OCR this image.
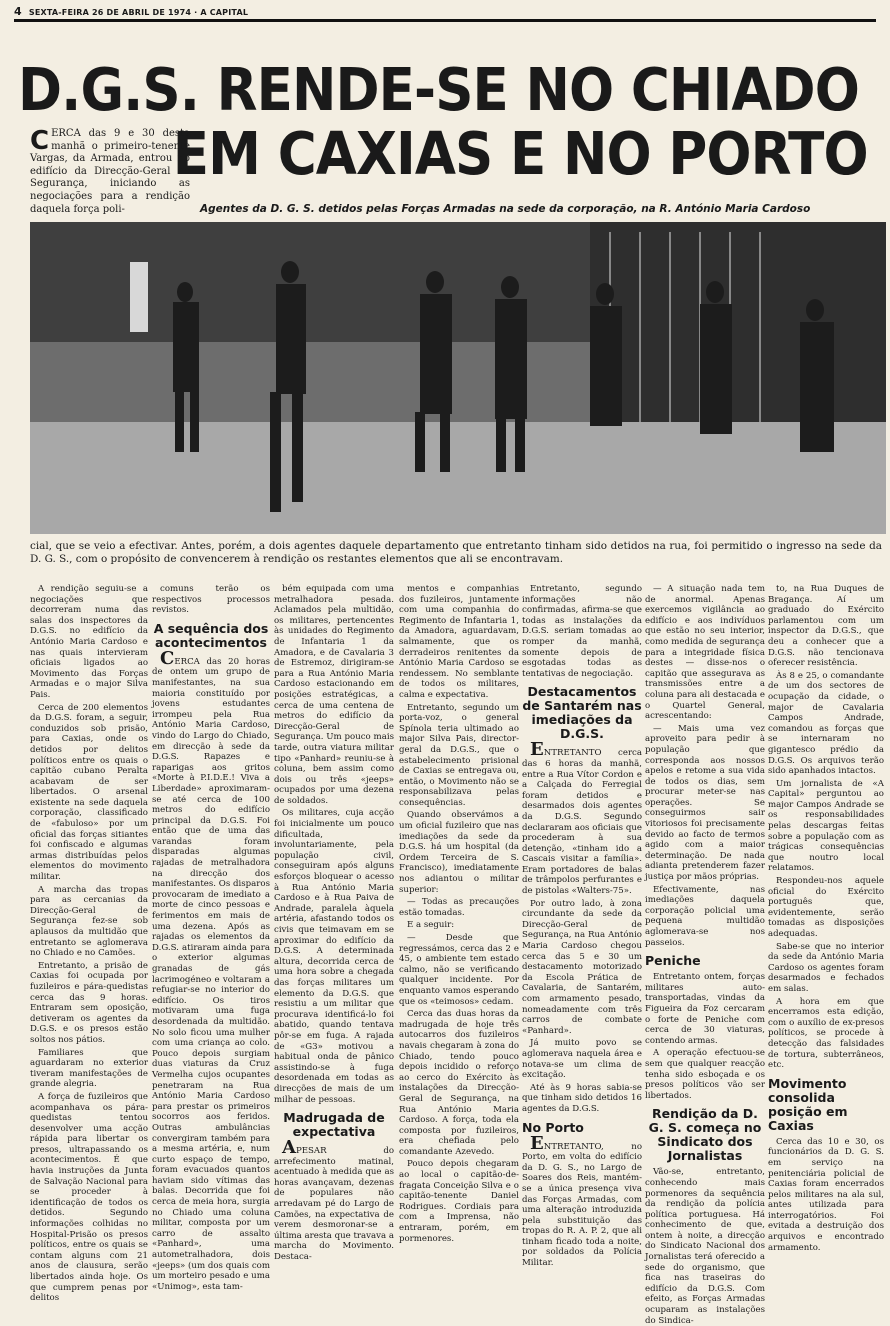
4 SEXTA-FEIRA 26 DE ABRIL DE 1974 · A CAPITAL
D.G.S. RENDE-SE NO CHIADO
EM CAXIAS E NO PORTO

CERCA das 9 e 30 desta manhã o primeiro-tenente Vargas, da Armada, entrou no edifício da Direcção-Geral de Segurança, iniciando as negociações para a rendição daquela força poli-	Agentes da D. G. S. detidos pelas Forças Armadas na sede da corporação, na R. António Maria Cardoso

cial, que se veio a efectivar. Antes, porém, a dois agentes daquele departamento que entretanto tinham sido detidos na rua, foi permitido o ingresso na sede da D. G. S., com o propósito de convencerem à rendição os restantes elementos que ali se encontravam.

A rendição seguiu-se a negociações que decorreram numa das salas dos inspectores da D.G.S. no edifício da António Maria Cardoso e nas quais intervieram oficiais ligados ao Movimento das Forças Armadas e o major Silva Pais.

Cerca de 200 elementos da D.G.S. foram, a seguir, conduzidos sob prisão, para Caxias, onde os detidos por delitos políticos entre os quais o capitão cubano Peralta acabavam de ser libertados. O arsenal existente na sede daquela corporação, classificado de «fabuloso» por um oficial das forças sitiantes foi confiscado e algumas armas distribuídas pelos elementos do movimento militar.

A marcha das tropas para as cercanias da Direcção-Geral de Segurança fez-se sob aplausos da multidão que entretanto se aglomerava no Chiado e no Camões.

Entretanto, a prisão de Caxias foi ocupada por fuzileiros e pára-quedistas cerca das 9 horas. Entraram sem oposição, detiveram os agentes da D.G.S. e os presos estão soltos nos pátios.

Familiares que aguardaram no exterior tiveram manifestações de grande alegria.

A força de fuzileiros que acompanhava os pára-quedistas tentou desenvolver uma acção rápida para libertar os presos, ultrapassando os acontecimentos. É que havia instruções da Junta de Salvação Nacional para se proceder à identificação de todos os detidos. Segundo informações colhidas no Hospital-Prisão os presos políticos, entre os quais se contam alguns com 21 anos de clausura, serão libertados ainda hoje. Os que cumprem penas por delitos

comuns terão os respectivos processos revistos.

A sequência dos acontecimentos

CERCA das 20 horas de ontem um grupo de manifestantes, na sua maioria constituído por jovens estudantes irrompeu pela Rua António Maria Cardoso, vindo do Largo do Chiado, em direcção à sede da D.G.S. Rapazes e raparigas aos gritos «Morte à P.I.D.E.! Viva a Liberdade» aproximaram-se até cerca de 100 metros do edifício principal da D.G.S. Foi então que de uma das varandas foram disparadas algumas rajadas de metralhadora na direcção dos manifestantes. Os disparos provocaram de imediato a morte de cinco pessoas e ferimentos em mais de uma dezena. Após as rajadas os elementos da D.G.S. atiraram ainda para o exterior algumas granadas de gás lacrimogéneo e voltaram a refugiar-se no interior do edifício. Os tiros motivaram uma fuga desordenada da multidão. No solo ficou uma mulher com uma criança ao colo. Pouco depois surgiam duas viaturas da Cruz Vermelha cujos ocupantes penetraram na Rua António Maria Cardoso para prestar os primeiros socorros aos feridos. Outras ambulâncias convergiram também para a mesma artéria, e, num curto espaço de tempo, foram evacuados quantos haviam sido vítimas das balas. Decorrida que foi cerca de meia hora, surgia no Chiado uma coluna militar, composta por um carro de assalto «Panhard», uma autometralhadora, dois «jeeps» (um dos quais com um morteiro pesado e uma «Unimog», esta tam-

bém equipada com uma metralhadora pesada. Aclamados pela multidão, os militares, pertencentes às unidades do Regimento de Infantaria 1 da Amadora, e de Cavalaria 3 de Estremoz, dirigiram-se para a Rua António Maria Cardoso estacionando em posições estratégicas, a cerca de uma centena de metros do edifício da Direcção-Geral de Segurança. Um pouco mais tarde, outra viatura militar tipo «Panhard» reuniu-se à coluna, bem assim como dois ou três «jeeps» ocupados por uma dezena de soldados.

Os militares, cuja acção foi inicialmente um pouco dificultada, involuntariamente, pela população civil, conseguiram após alguns esforços bloquear o acesso à Rua António Maria Cardoso e à Rua Paiva de Andrade, paralela àquela artéria, afastando todos os civis que teimavam em se aproximar do edifício da D.G.S. A determinada altura, decorrida cerca de uma hora sobre a chegada das forças militares um elemento da D.G.S. que resistiu a um militar que procurava identificá-lo foi abatido, quando tentava pôr-se em fuga. A rajada de «G3» motivou a habitual onda de pânico assistindo-se à fuga desordenada em todas as direcções de mais de um milhar de pessoas.

Madrugada de expectativa

APESAR do arrefecimento matinal, acentuado à medida que as horas avançavam, dezenas de populares não arredavam pé do Largo de Camões, na expectativa de verem desmoronar-se a última aresta que travava a marcha do Movimento. Destaca-

mentos e companhias dos fuzileiros, juntamente com uma companhia do Regimento de Infantaria 1, da Amadora, aguardavam, salmamente, que os derradeiros renitentes da António Maria Cardoso se rendessem. No semblante de todos os militares, calma e expectativa.

Entretanto, segundo um porta-voz, o general Spínola teria ultimado ao major Silva Pais, director-geral da D.G.S., que o estabelecimento prisional de Caxias se entregava ou, então, o Movimento não se responsabilizava pelas consequências.

Quando observámos a um oficial fuzileiro que nas imediações da sede da D.G.S. há um hospital (da Ordem Terceira de S. Francisco), imediatamente nos adiantou o militar superior:

— Todas as precauções estão tomadas.

E a seguir:

— Desde que regressámos, cerca das 2 e 45, o ambiente tem estado calmo, não se verificando qualquer incidente. Por enquanto vamos esperando que os «teimosos» cedam.

Cerca das duas horas da madrugada de hoje três autocarros dos fuzileiros navais chegaram à zona do Chiado, tendo pouco depois incidido o reforço ao cerco do Exército às instalações da Direcção-Geral de Segurança, na Rua António Maria Cardoso. A força, toda ela composta por fuzileiros, era chefiada pelo comandante Azevedo.

Pouco depois chegaram ao local o capitão-de-fragata Conceição Silva e o capitão-tenente Daniel Rodrigues. Cordiais para com a Imprensa, não entraram, porém, em pormenores.

Entretanto, segundo informações não confirmadas, afirma-se que todas as instalações da D.G.S. seriam tomadas ao romper da manhã, somente depois de esgotadas todas as tentativas de negociação.

Destacamentos de Santarém nas imediações da D.G.S.

ENTRETANTO cerca das 6 horas da manhã, entre a Rua Vítor Cordon e a Calçada do Ferregial foram detidos e desarmados dois agentes da D.G.S. Segundo declararam aos oficiais que procederam à sua detenção, «tinham ido a Cascais visitar a família». Eram portadores de balas de trâmpolos perfurantes e de pistolas «Walters-75».

Por outro lado, à zona circundante da sede da Direcção-Geral de Segurança, na Rua António Maria Cardoso chegou cerca das 5 e 30 um destacamento motorizado da Escola Prática de Cavalaria, de Santarém, com armamento pesado, nomeadamente com três carros de combate «Panhard».

Já muito povo se aglomerava naquela área e notava-se um clima de excitação.

Até às 9 horas sabia-se que tinham sido detidos 16 agentes da D.G.S.

No Porto

ENTRETANTO, no Porto, em volta do edifício da D. G. S., no Largo de Soares dos Reis, mantém-se a única presença viva das Forças Armadas, com uma alteração introduzida pela substituição das tropas do R. A. P. 2, que ali tinham ficado toda a noite, por soldados da Polícia Militar.

— A situação nada tem de anormal. Apenas exercemos vigilância ao edifício e aos indivíduos que estão no seu interior, como medida de segurança para a integridade física destes — disse-nos o capitão que assegurava as transmissões entre a coluna para ali destacada e o Quartel General, acrescentando:

— Mais uma vez aproveito para pedir à população que corresponda aos nossos apelos e retome a sua vida de todos os dias, sem procurar meter-se nas operações. Se conseguirmos sair vitoriosos foi precisamente devido ao facto de termos agido com a maior determinação. De nada adianta pretenderem fazer justiça por mãos próprias.

Efectivamente, nas imediações daquela corporação policial uma pequena multidão aglomerava-se nos passeios.

Peniche

Entretanto ontem, forças militares auto-transportadas, vindas da Figueira da Foz cercaram o forte de Peniche com cerca de 30 viaturas, contendo armas.

A operação efectuou-se sem que qualquer reacção tenha sido esboçada e os presos políticos vão ser libertados.

Rendição da D. G. S. começa no Sindicato dos Jornalistas

Vão-se, entretanto, conhecendo mais pormenores da sequência da rendição da polícia política portuguesa. Há conhecimento de que, ontem à noite, a direcção do Sindicato Nacional dos Jornalistas terá oferecido a sede do organismo, que fica nas traseiras do edifício da D.G.S. Com efeito, as Forças Armadas ocuparam as instalações do Sindica-

to, na Rua Duques de Bragança. Aí um graduado do Exército parlamentou com um inspector da D.G.S., que deu a conhecer que a D.G.S. não tencionava oferecer resistência.

Às 8 e 25, o comandante de um dos sectores de ocupação da cidade, o major de Cavalaria Campos Andrade, comandou as forças que se internaram no gigantesco prédio da D.G.S. Os arquivos terão sido apanhados intactos.

Um jornalista de «A Capital» perguntou ao major Campos Andrade se os responsabilidades pelas descargas feitas sobre a população com as trágicas consequências que noutro local relatamos.

Respondeu-nos aquele oficial do Exército português que, evidentemente, serão tomadas as disposições adequadas.

Sabe-se que no interior da sede da António Maria Cardoso os agentes foram desarmados e fechados em salas.

A hora em que encerramos esta edição, com o auxílio de ex-presos políticos, se procede à detecção das falsidades de tortura, subterrâneos, etc.

Movimento consolida posição em Caxias

Cerca das 10 e 30, os funcionários da D. G. S. em serviço na penitenciária policial de Caxias foram encerrados pelos militares na ala sul, antes utilizada para interrogatórios. Foi evitada a destruição dos arquivos e encontrado armamento.
